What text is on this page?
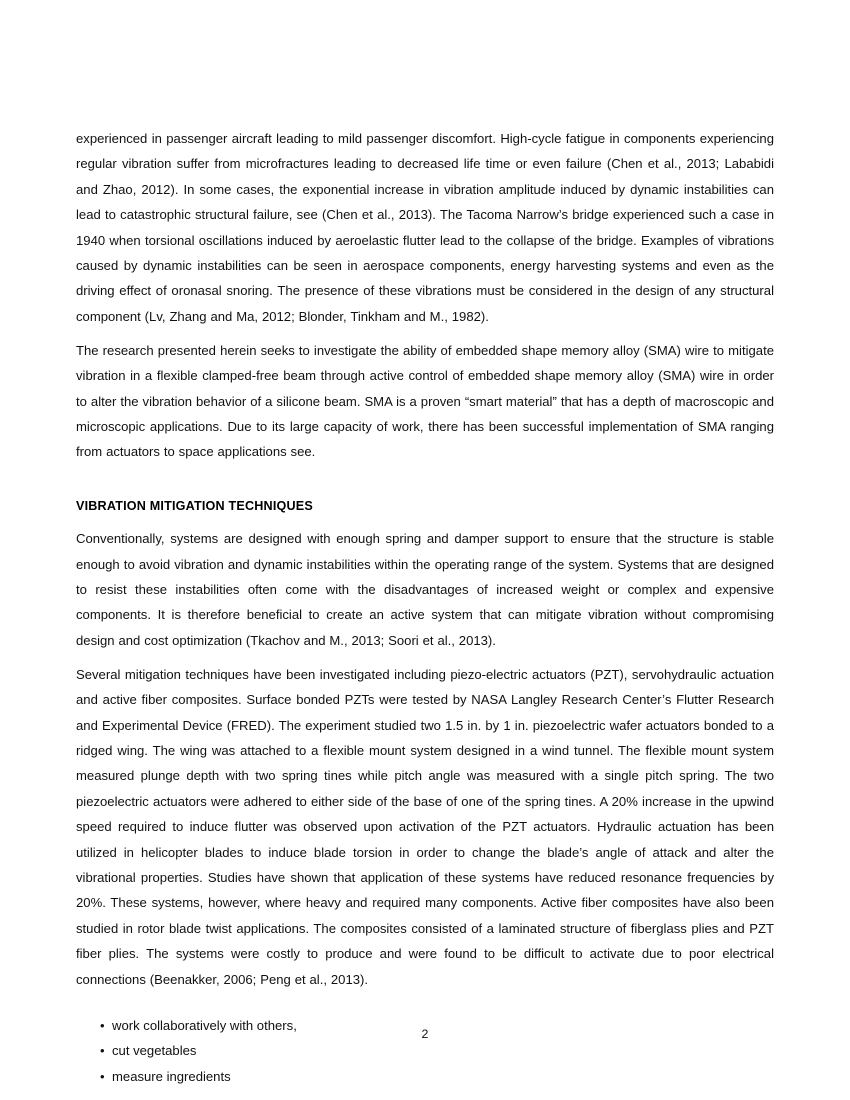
experienced in passenger aircraft leading to mild passenger discomfort. High-cycle fatigue in components experiencing regular vibration suffer from microfractures leading to decreased life time or even failure (Chen et al., 2013; Lababidi and Zhao, 2012). In some cases, the exponential increase in vibration amplitude induced by dynamic instabilities can lead to catastrophic structural failure, see (Chen et al., 2013). The Tacoma Narrow’s bridge experienced such a case in 1940 when torsional oscillations induced by aeroelastic flutter lead to the collapse of the bridge. Examples of vibrations caused by dynamic instabilities can be seen in aerospace components, energy harvesting systems and even as the driving effect of oronasal snoring. The presence of these vibrations must be considered in the design of any structural component (Lv, Zhang and Ma, 2012; Blonder, Tinkham and M., 1982).

The research presented herein seeks to investigate the ability of embedded shape memory alloy (SMA) wire to mitigate vibration in a flexible clamped-free beam through active control of embedded shape memory alloy (SMA) wire in order to alter the vibration behavior of a silicone beam. SMA is a proven “smart material” that has a depth of macroscopic and microscopic applications. Due to its large capacity of work, there has been successful implementation of SMA ranging from actuators to space applications see.

VIBRATION MITIGATION TECHNIQUES

Conventionally, systems are designed with enough spring and damper support to ensure that the structure is stable enough to avoid vibration and dynamic instabilities within the operating range of the system. Systems that are designed to resist these instabilities often come with the disadvantages of increased weight or complex and expensive components. It is therefore beneficial to create an active system that can mitigate vibration without compromising design and cost optimization (Tkachov and M., 2013; Soori et al., 2013).

Several mitigation techniques have been investigated including piezo-electric actuators (PZT), servohydraulic actuation and active fiber composites. Surface bonded PZTs were tested by NASA Langley Research Center’s Flutter Research and Experimental Device (FRED). The experiment studied two 1.5 in. by 1 in. piezoelectric wafer actuators bonded to a ridged wing. The wing was attached to a flexible mount system designed in a wind tunnel. The flexible mount system measured plunge depth with two spring tines while pitch angle was measured with a single pitch spring. The two piezoelectric actuators were adhered to either side of the base of one of the spring tines. A 20% increase in the upwind speed required to induce flutter was observed upon activation of the PZT actuators. Hydraulic actuation has been utilized in helicopter blades to induce blade torsion in order to change the blade’s angle of attack and alter the vibrational properties. Studies have shown that application of these systems have reduced resonance frequencies by 20%. These systems, however, where heavy and required many components. Active fiber composites have also been studied in rotor blade twist applications. The composites consisted of a laminated structure of fiberglass plies and PZT fiber plies. The systems were costly to produce and were found to be difficult to activate due to poor electrical connections (Beenakker, 2006; Peng et al., 2013).

• work collaboratively with others,
• cut vegetables
• measure ingredients
2
